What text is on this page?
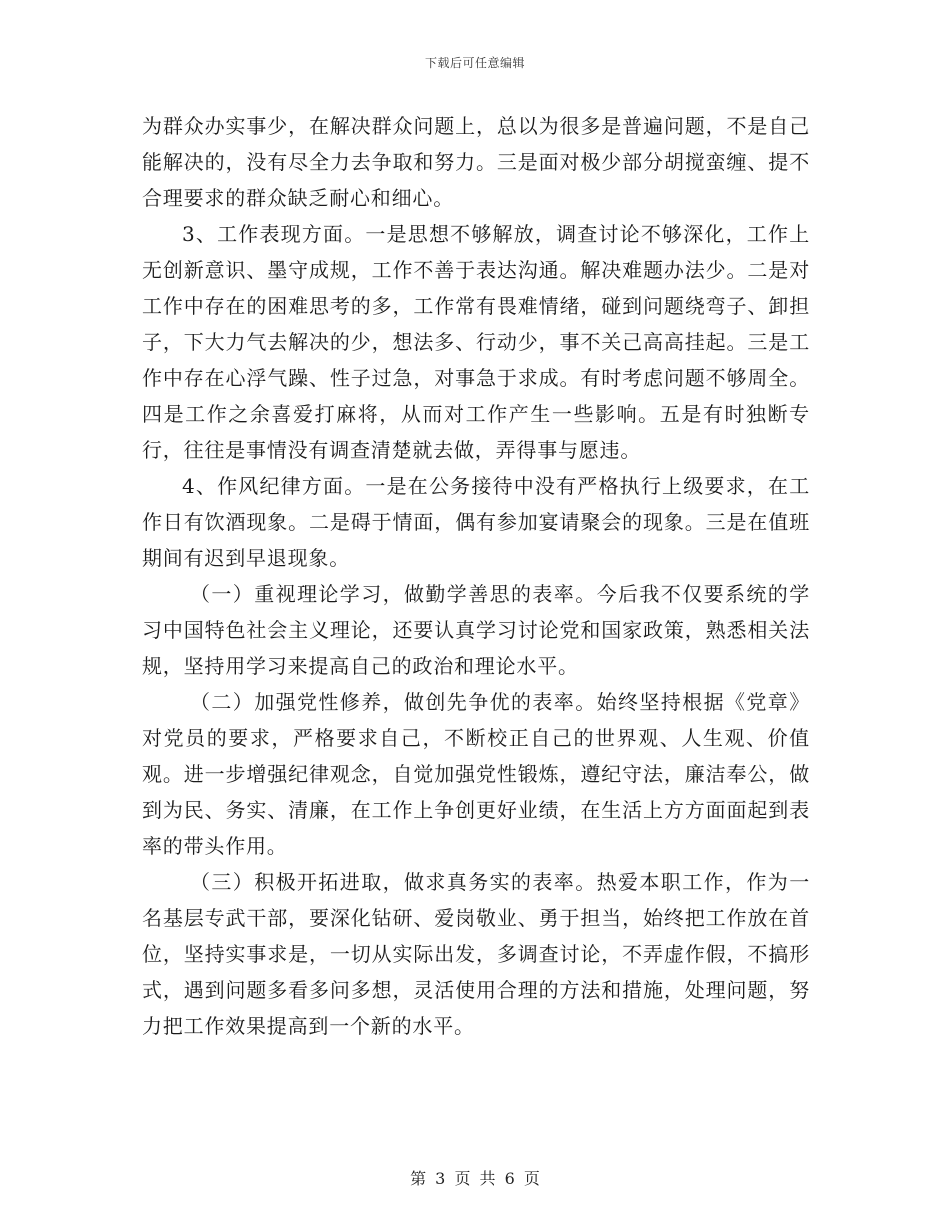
下载后可任意编辑

为群众办实事少，在解决群众问题上，总以为很多是普遍问题，不是自己能解决的，没有尽全力去争取和努力。三是面对极少部分胡搅蛮缠、提不合理要求的群众缺乏耐心和细心。

3、工作表现方面。一是思想不够解放，调查讨论不够深化，工作上无创新意识、墨守成规，工作不善于表达沟通。解决难题办法少。二是对工作中存在的困难思考的多，工作常有畏难情绪，碰到问题绕弯子、卸担子，下大力气去解决的少，想法多、行动少，事不关己高高挂起。三是工作中存在心浮气躁、性子过急，对事急于求成。有时考虑问题不够周全。四是工作之余喜爱打麻将，从而对工作产生一些影响。五是有时独断专行，往往是事情没有调查清楚就去做，弄得事与愿违。

4、作风纪律方面。一是在公务接待中没有严格执行上级要求，在工作日有饮酒现象。二是碍于情面，偶有参加宴请聚会的现象。三是在值班期间有迟到早退现象。

（一）重视理论学习，做勤学善思的表率。今后我不仅要系统的学习中国特色社会主义理论，还要认真学习讨论党和国家政策，熟悉相关法规，坚持用学习来提高自己的政治和理论水平。

（二）加强党性修养，做创先争优的表率。始终坚持根据《党章》对党员的要求，严格要求自己，不断校正自己的世界观、人生观、价值观。进一步增强纪律观念，自觉加强党性锻炼，遵纪守法，廉洁奉公，做到为民、务实、清廉，在工作上争创更好业绩，在生活上方方面面起到表率的带头作用。

（三）积极开拓进取，做求真务实的表率。热爱本职工作，作为一名基层专武干部，要深化钻研、爱岗敬业、勇于担当，始终把工作放在首位，坚持实事求是，一切从实际出发，多调查讨论，不弄虚作假，不搞形式，遇到问题多看多问多想，灵活使用合理的方法和措施，处理问题，努力把工作效果提高到一个新的水平。

第 3 页 共 6 页
